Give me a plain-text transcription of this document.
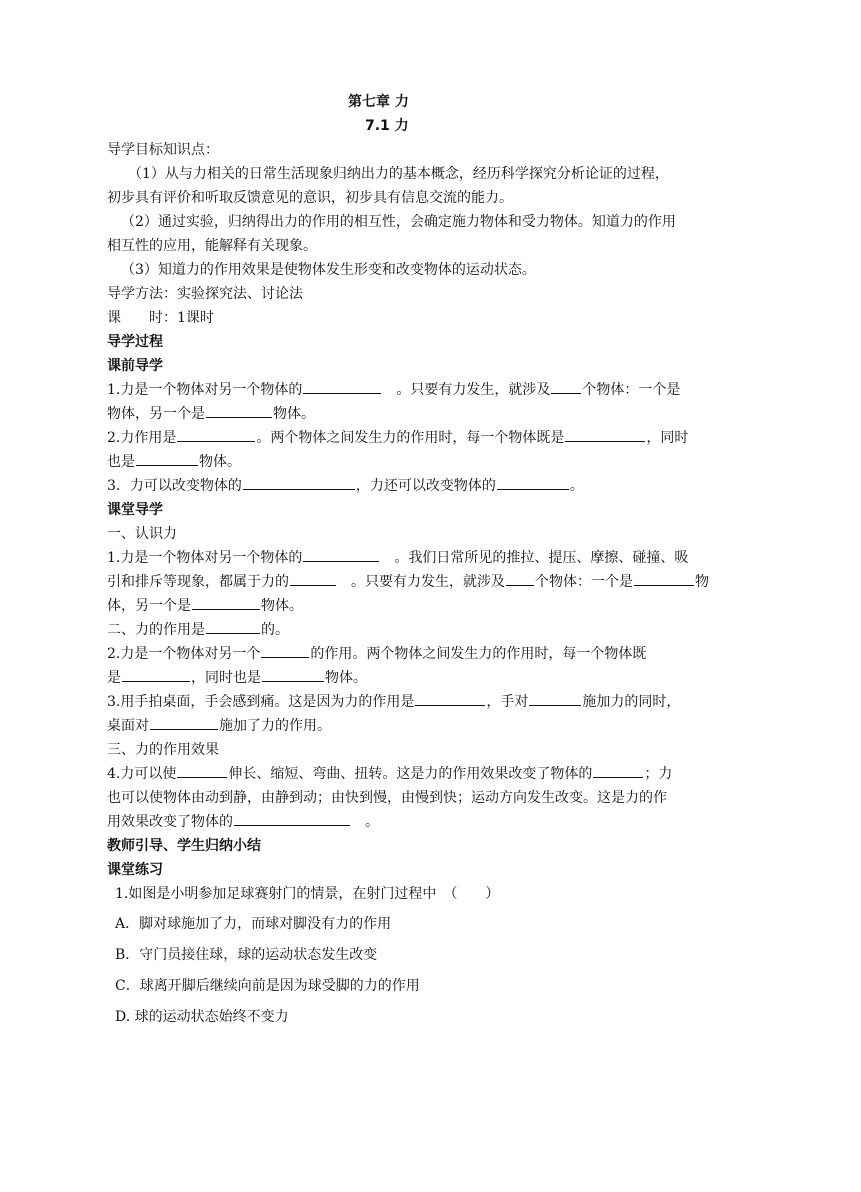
第七章 力
7.1 力
导学目标知识点：
（1）从与力相关的日常生活现象归纳出力的基本概念，经历科学探究分析论证的过程，
初步具有评价和听取反馈意见的意识，初步具有信息交流的能力。
（2）通过实验，归纳得出力的作用的相互性，会确定施力物体和受力物体。知道力的作用
相互性的应用，能解释有关现象。
（3）知道力的作用效果是使物体发生形变和改变物体的运动状态。
导学方法：实验探究法、讨论法
课　　时：1课时
导学过程
课前导学
1.力是一个物体对另一个物体的　	。只要有力发生，就涉及 个物体：一个是
物体，另一个是	物体。
2.力作用是	。两个物体之间发生力的作用时，每一个物体既是	，同时
也是	物体。
3．力可以改变物体的	，力还可以改变物体的	。
课堂导学
一、认识力
1.力是一个物体对另一个物体的　	。我们日常所见的推拉、提压、摩擦、碰撞、吸
引和排斥等现象，都属于力的　	。只要有力发生，就涉及 个物体：一个是	物
体，另一个是	物体。
二、力的作用是	的。
2.力是一个物体对另一个	的作用。两个物体之间发生力的作用时，每一个物体既
是	，同时也是	物体。
3.用手拍桌面，手会感到痛。这是因为力的作用是	，手对	施加力的同时，
桌面对	施加了力的作用。
三、力的作用效果
4.力可以使	伸长、缩短、弯曲、扭转。这是力的作用效果改变了物体的	；力
也可以使物体由动到静，由静到动；由快到慢，由慢到快；运动方向发生改变。这是力的作
用效果改变了物体的　	。
教师引导、学生归纳小结
课堂练习
1.如图是小明参加足球赛射门的情景，在射门过程中　（　　）
A．脚对球施加了力，而球对脚没有力的作用
B．守门员接住球，球的运动状态发生改变
C．球离开脚后继续向前是因为球受脚的力的作用
D. 球的运动状态始终不变力
